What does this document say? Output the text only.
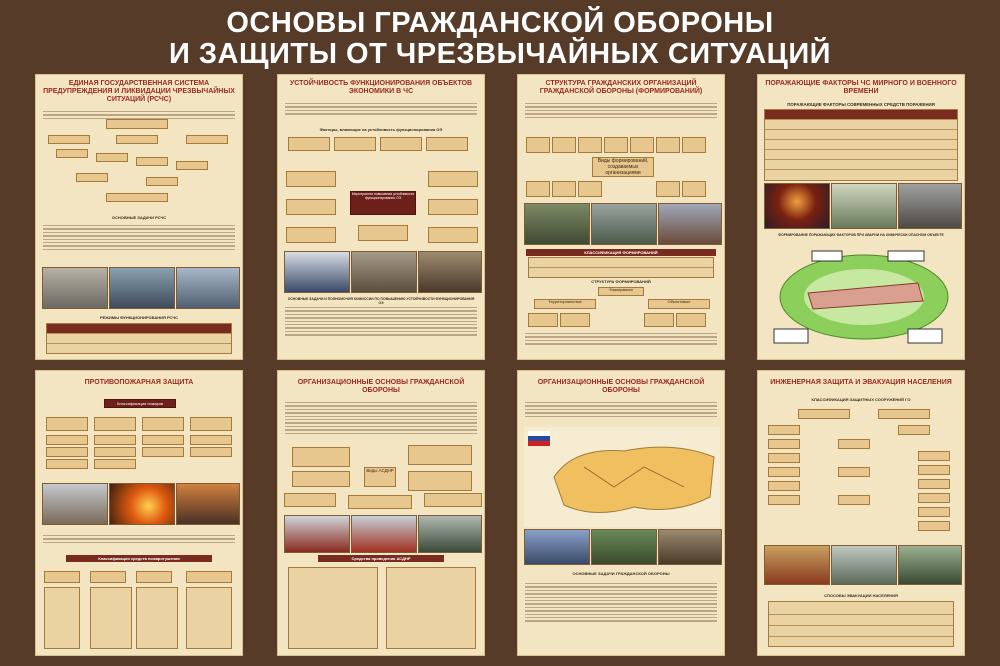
ОСНОВЫ ГРАЖДАНСКОЙ ОБОРОНЫ
И ЗАЩИТЫ ОТ ЧРЕЗВЫЧАЙНЫХ СИТУАЦИЙ
ЕДИНАЯ ГОСУДАРСТВЕННАЯ СИСТЕМА ПРЕДУПРЕЖДЕНИЯ И ЛИКВИДАЦИИ ЧРЕЗВЫЧАЙНЫХ СИТУАЦИЙ (РСЧС)
ОСНОВНЫЕ ЗАДАЧИ РСЧС
РЕЖИМЫ ФУНКЦИОНИРОВАНИЯ РСЧС
УСТОЙЧИВОСТЬ ФУНКЦИОНИРОВАНИЯ ОБЪЕКТОВ ЭКОНОМИКИ В ЧС
Факторы, влияющие на устойчивость функционирования ОЭ
Мероприятия повышения устойчивости функционирования ОЭ
ОСНОВНЫЕ ЗАДАЧИ И ПОЛНОМОЧИЯ КОМИССИИ ПО ПОВЫШЕНИЮ УСТОЙЧИВОСТИ ФУНКЦИОНИРОВАНИЯ ОЭ
СТРУКТУРА ГРАЖДАНСКИХ ОРГАНИЗАЦИЙ ГРАЖДАНСКОЙ ОБОРОНЫ (ФОРМИРОВАНИЙ)
Виды формирований, создаваемых организациями
КЛАССИФИКАЦИЯ ФОРМИРОВАНИЙ
СТРУКТУРА ФОРМИРОВАНИЙ
Формирования
Территориальные	Объектовые
ПОРАЖАЮЩИЕ ФАКТОРЫ ЧС МИРНОГО И ВОЕННОГО ВРЕМЕНИ
ПОРАЖАЮЩИЕ ФАКТОРЫ СОВРЕМЕННЫХ СРЕДСТВ ПОРАЖЕНИЯ
ФОРМИРОВАНИЕ ПОРАЖАЮЩИХ ФАКТОРОВ ПРИ АВАРИИ НА ХИМИЧЕСКИ ОПАСНОМ ОБЪЕКТЕ
ПРОТИВОПОЖАРНАЯ ЗАЩИТА
Классификация пожаров
Классификация средств пожаротушения
ОРГАНИЗАЦИОННЫЕ ОСНОВЫ ГРАЖДАНСКОЙ ОБОРОНЫ
Виды АСДНР
Средства проведения АСДНР
ОРГАНИЗАЦИОННЫЕ ОСНОВЫ ГРАЖДАНСКОЙ ОБОРОНЫ
ОСНОВНЫЕ ЗАДАЧИ ГРАЖДАНСКОЙ ОБОРОНЫ
ИНЖЕНЕРНАЯ ЗАЩИТА И ЭВАКУАЦИЯ НАСЕЛЕНИЯ
КЛАССИФИКАЦИЯ ЗАЩИТНЫХ СООРУЖЕНИЙ ГО
СПОСОБЫ ЭВАКУАЦИИ НАСЕЛЕНИЯ
